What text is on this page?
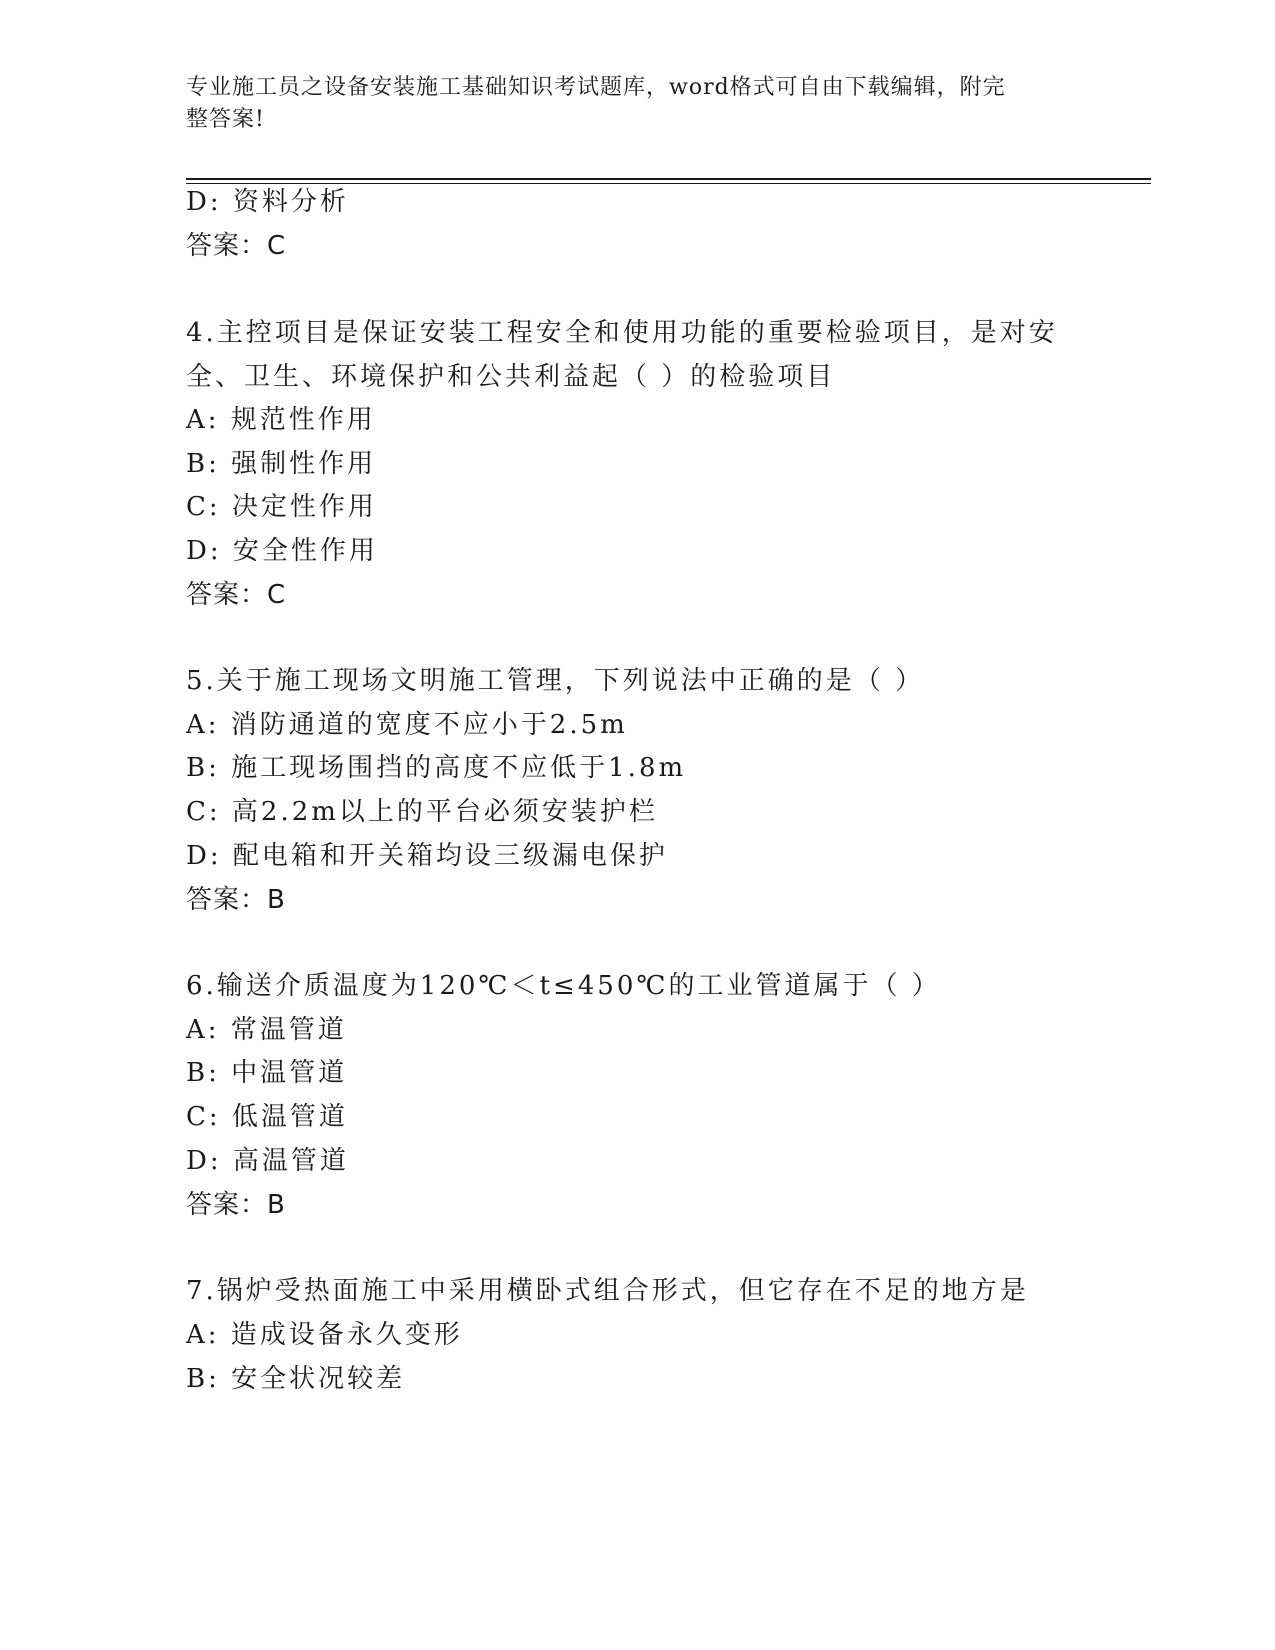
专业施工员之设备安装施工基础知识考试题库，word格式可自由下载编辑，附完
整答案!
D: 资料分析
答案：C
4.主控项目是保证安装工程安全和使用功能的重要检验项目，是对安
全、卫生、环境保护和公共利益起（ ）的检验项目
A: 规范性作用
B: 强制性作用
C: 决定性作用
D: 安全性作用
答案：C
5.关于施工现场文明施工管理，下列说法中正确的是（ ）
A: 消防通道的宽度不应小于2.5m
B: 施工现场围挡的高度不应低于1.8m
C: 高2.2m以上的平台必须安装护栏
D: 配电箱和开关箱均设三级漏电保护
答案：B
6.输送介质温度为120℃＜t≤450℃的工业管道属于（ ）
A: 常温管道
B: 中温管道
C: 低温管道
D: 高温管道
答案：B
7.锅炉受热面施工中采用横卧式组合形式，但它存在不足的地方是
A: 造成设备永久变形
B: 安全状况较差
